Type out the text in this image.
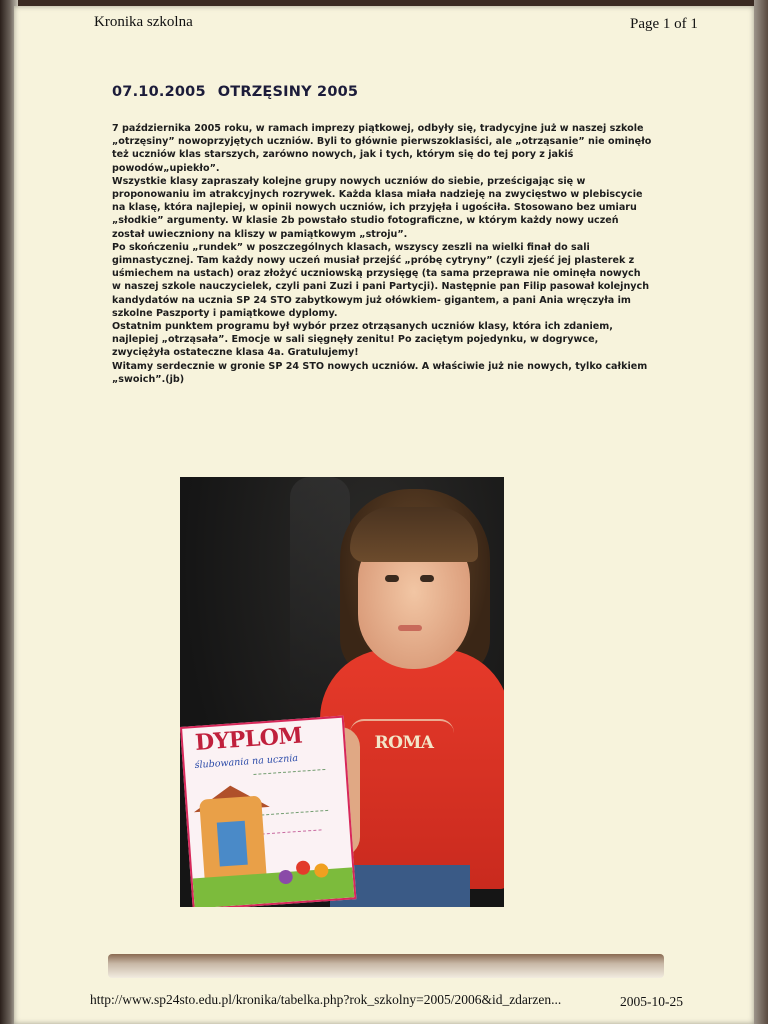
Kronika szkolna	Page 1 of 1
07.10.2005 OTRZĘSINY 2005

7 października 2005 roku, w ramach imprezy piątkowej, odbyły się, tradycyjne już w naszej szkole „otrzęsiny” nowoprzyjętych uczniów. Byli to głównie pierwszoklasiści, ale „otrząsanie” nie ominęło też uczniów klas starszych, zarówno nowych, jak i tych, którym się do tej pory z jakiś powodów„upiekło”.

Wszystkie klasy zapraszały kolejne grupy nowych uczniów do siebie, prześcigając się w proponowaniu im atrakcyjnych rozrywek. Każda klasa miała nadzieję na zwycięstwo w plebiscycie na klasę, która najlepiej, w opinii nowych uczniów, ich przyjęła i ugościła. Stosowano bez umiaru „słodkie” argumenty. W klasie 2b powstało studio fotograficzne, w którym każdy nowy uczeń został uwieczniony na kliszy w pamiątkowym „stroju”.

Po skończeniu „rundek” w poszczególnych klasach, wszyscy zeszli na wielki finał do sali gimnastycznej. Tam każdy nowy uczeń musiał przejść „próbę cytryny” (czyli zjeść jej plasterek z uśmiechem na ustach) oraz złożyć uczniowską przysięgę (ta sama przeprawa nie ominęła nowych w naszej szkole nauczycielek, czyli pani Zuzi i pani Partycji). Następnie pan Filip pasował kolejnych kandydatów na ucznia SP 24 STO zabytkowym już ołówkiem- gigantem, a pani Ania wręczyła im szkolne Paszporty i pamiątkowe dyplomy.

Ostatnim punktem programu był wybór przez otrząsanych uczniów klasy, która ich zdaniem, najlepiej „otrząsała”. Emocje w sali sięgnęły zenitu! Po zaciętym pojedynku, w dogrywce, zwyciężyła ostateczne klasa 4a. Gratulujemy!

Witamy serdecznie w gronie SP 24 STO nowych uczniów. A właściwie już nie nowych, tylko całkiem „swoich”.(jb)

ROMA
DYPLOM
ślubowania na ucznia
http://www.sp24sto.edu.pl/kronika/tabelka.php?rok_szkolny=2005/2006&id_zdarzen...	2005-10-25
